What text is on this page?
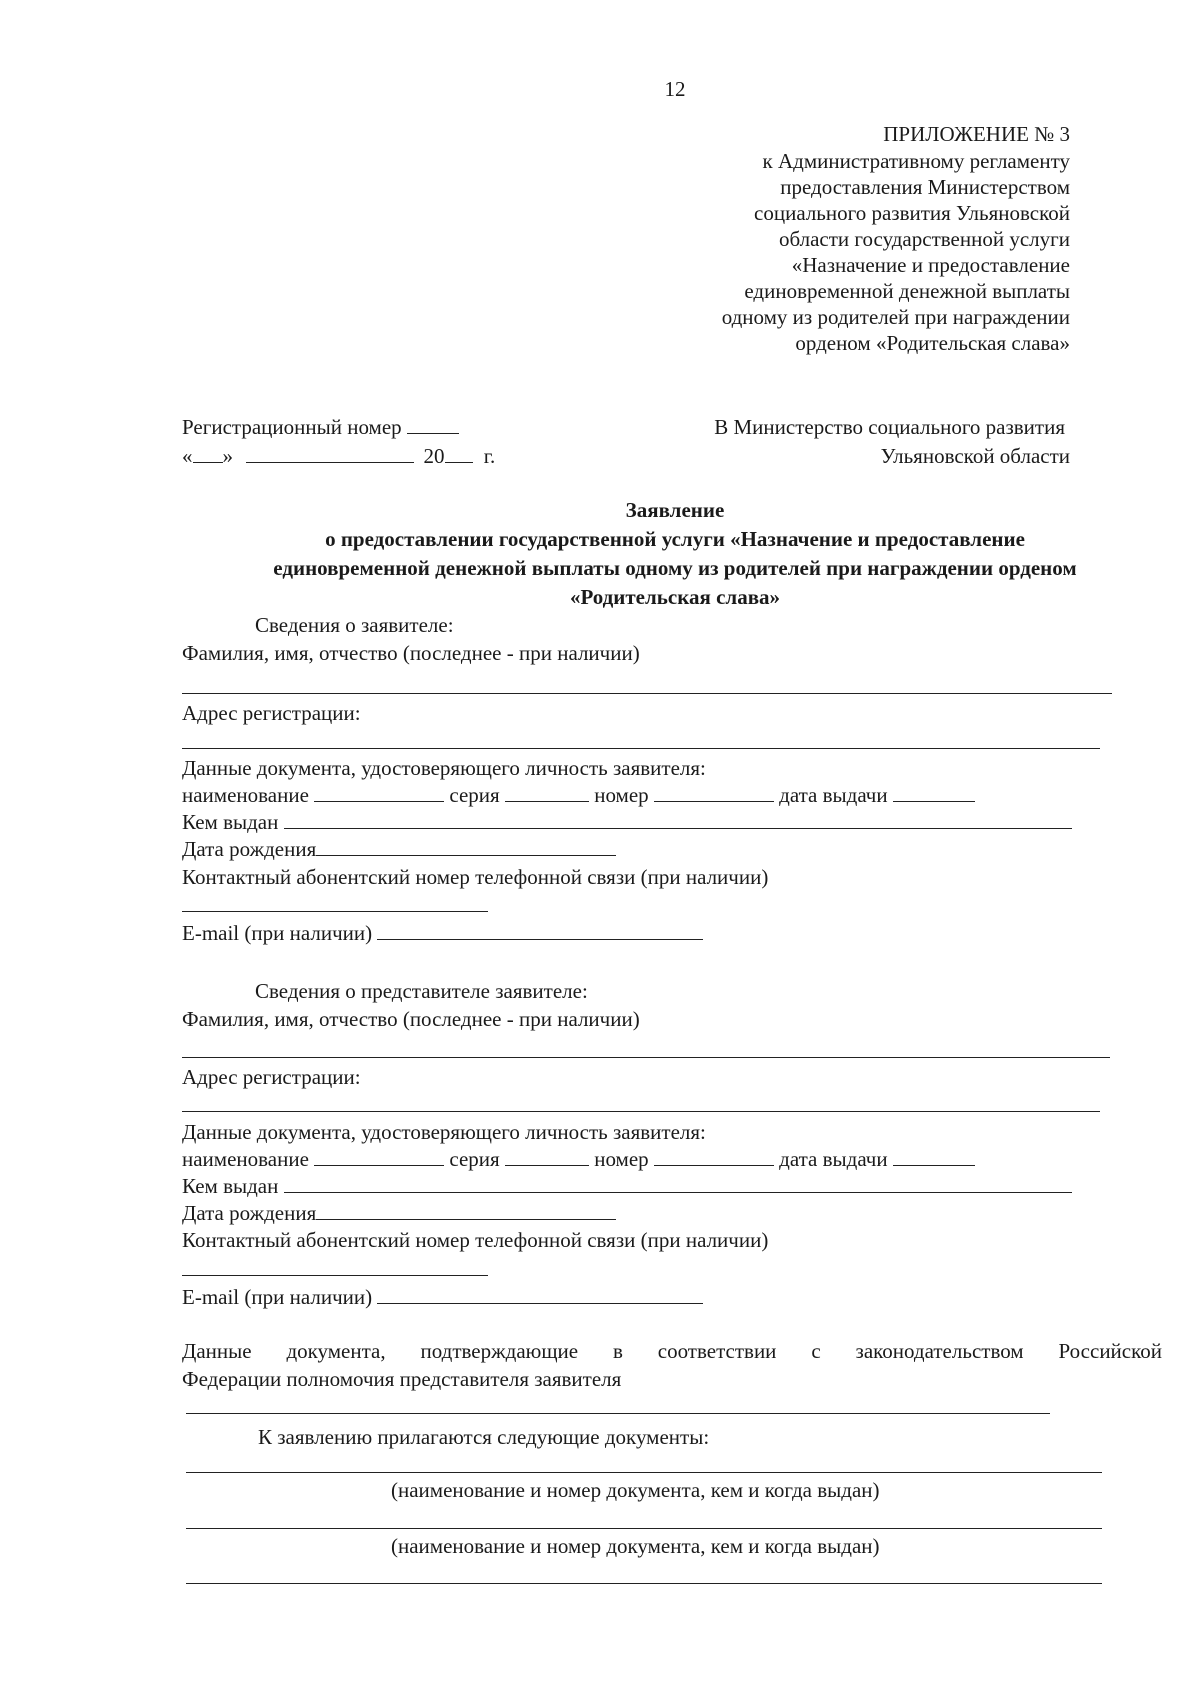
12
ПРИЛОЖЕНИЕ № 3
к Административному регламенту
предоставления Министерством
социального развития Ульяновской
области государственной услуги
«Назначение и предоставление
единовременной денежной выплаты
одному из родителей при награждении
орденом «Родительская слава»
Регистрационный номер
« »	20 г.
В Министерство социального развития
Ульяновской области
Заявление
о предоставлении государственной услуги «Назначение и предоставление
единовременной денежной выплаты одному из родителей при награждении орденом
«Родительская слава»
Сведения о заявителе:
Фамилия, имя, отчество (последнее - при наличии)
Адрес регистрации:
Данные документа, удостоверяющего личность заявителя:
наименование	серия	номер	дата выдачи
Кем выдан
Дата рождения
Контактный абонентский номер телефонной связи (при наличии)
E-mail (при наличии)
Сведения о представителе заявителе:
Фамилия, имя, отчество (последнее - при наличии)
Адрес регистрации:
Данные документа, удостоверяющего личность заявителя:
наименование	серия	номер	дата выдачи
Кем выдан
Дата рождения
Контактный абонентский номер телефонной связи (при наличии)
E-mail (при наличии)
Данные документа, подтверждающие в соответствии с законодательством Российской
Федерации полномочия представителя заявителя
К заявлению прилагаются следующие документы:
(наименование и номер документа, кем и когда выдан)
(наименование и номер документа, кем и когда выдан)
